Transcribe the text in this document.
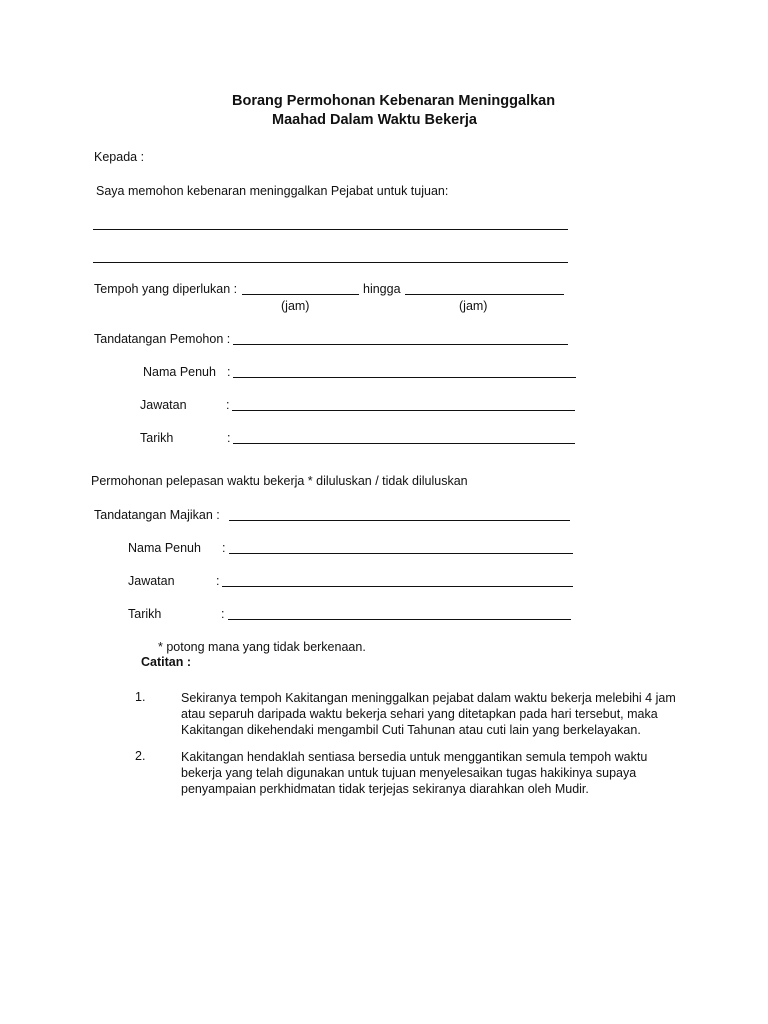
Borang Permohonan Kebenaran Meninggalkan
Maahad Dalam Waktu Bekerja
Kepada :
Saya memohon kebenaran meninggalkan Pejabat untuk tujuan:
Tempoh yang diperlukan :	hingga
(jam)	(jam)
Tandatangan Pemohon :
Nama Penuh :
Jawatan	:
Tarikh	:
Permohonan pelepasan waktu bekerja * diluluskan / tidak diluluskan
Tandatangan Majikan :
Nama Penuh :
Jawatan	:
Tarikh	:
* potong mana yang tidak berkenaan.
Catitan :
1.	Sekiranya tempoh Kakitangan meninggalkan pejabat dalam waktu bekerja melebihi 4 jam atau separuh daripada waktu bekerja sehari yang ditetapkan pada hari tersebut, maka Kakitangan dikehendaki mengambil Cuti Tahunan atau cuti lain yang berkelayakan.
2.	Kakitangan hendaklah sentiasa bersedia untuk menggantikan semula tempoh waktu bekerja yang telah digunakan untuk tujuan menyelesaikan tugas hakikinya supaya penyampaian perkhidmatan tidak terjejas sekiranya diarahkan oleh Mudir.
